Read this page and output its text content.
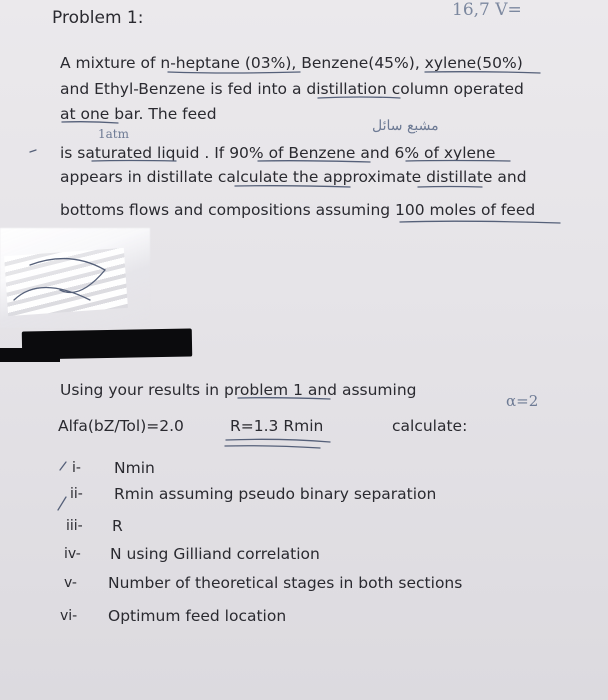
Problem 1:	16,7 V=
A mixture of n-heptane (03%), Benzene(45%), xylene(50%)
and Ethyl-Benzene is fed into a distillation column operated
at one bar. The feed
1atm	مشبع سائل
is saturated liquid . If 90% of Benzene and 6% of xylene
appears in distillate calculate the approximate distillate and
bottoms flows and compositions assuming 100 moles of feed
Using your results in problem 1 and assuming
α=2
Alfa(bZ/Tol)=2.0	R=1.3 Rmin	calculate:
i- Nmin
ii- Rmin assuming pseudo binary separation
iii- R
iv- N using Gilliand correlation
v- Number of theoretical stages in both sections
vi- Optimum feed location
